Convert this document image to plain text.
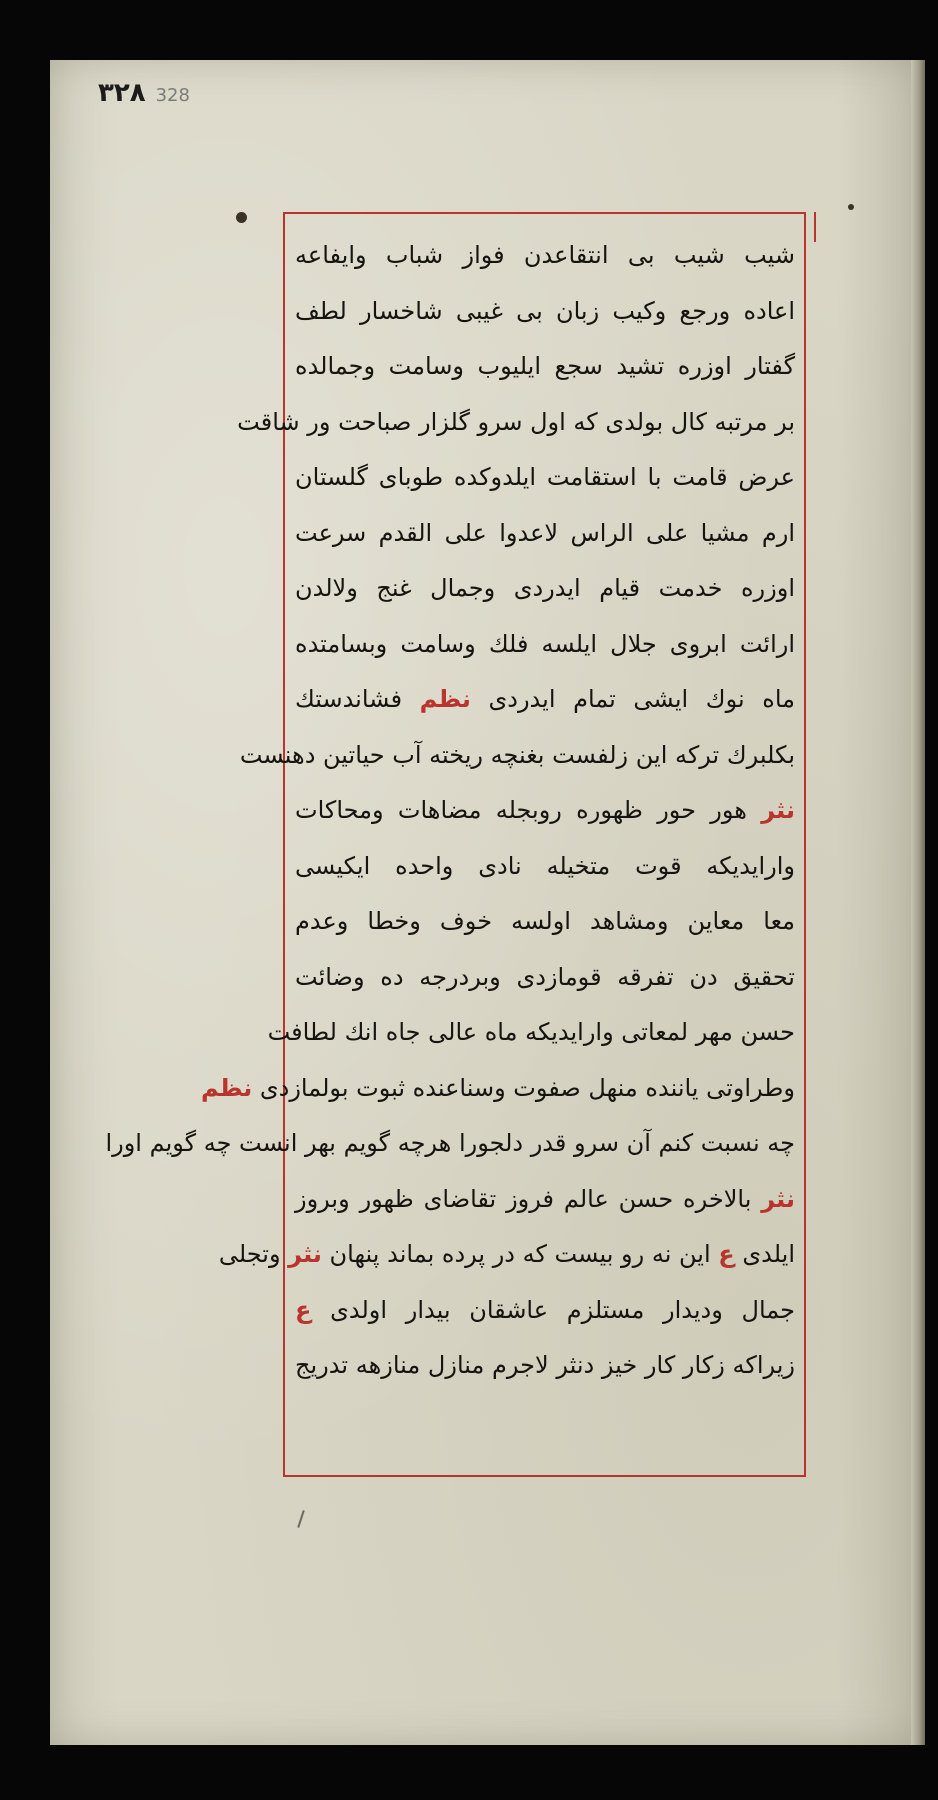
٣٢٨ 328
شیب شیب بی انتقاعدن فواز شباب وایفاعه
اعاده ورجع وکیب زبان بی غیبی شاخسار لطف
گفتار اوزره تشید سجع ایلیوب وسامت وجمالده
بر مرتبه کال بولدی که اول سرو گلزار صباحت ور شاقت
عرض قامت با استقامت ایلدوکده طوبای گلستان
ارم مشیا علی الراس لاعدوا علی القدم سرعت
اوزره خدمت قیام ایدردی وجمال غنج ولالدن
ارائت ابروی جلال ایلسه فلك وسامت وبسامتده
ماه نوك ایشی تمام ایدردی نظم فشاندستك
بکلبرك تركه این زلفست بغنچه ریخته آب حیاتین دهنست
نثر هور حور ظهوره روبجله مضاهات ومحاکات
وارایدیکه قوت متخیله نادی واحده ایکیسی
معا معاین ومشاهد اولسه خوف وخطا وعدم
تحقیق دن تفرقه قومازدی وبردرجه ده وضائت
حسن مهر لمعاتی وارایدیکه ماه عالی جاه انك لطافت
وطراوتی یاننده منهل صفوت وسناعنده ثبوت بولمازدی نظم
چه نسبت کنم آن سرو قدر دلجورا هرچه گویم بهر انست چه گویم اورا
نثر بالاخره حسن عالم فروز تقاضای ظهور وبروز
ایلدی ع این نه رو بیست که در پرده بماند پنهان نثر وتجلی
جمال ودیدار مستلزم عاشقان بیدار اولدی ع
زیراکه زکار کار خیز دنثر لاجرم منازل منازهه تدریج
